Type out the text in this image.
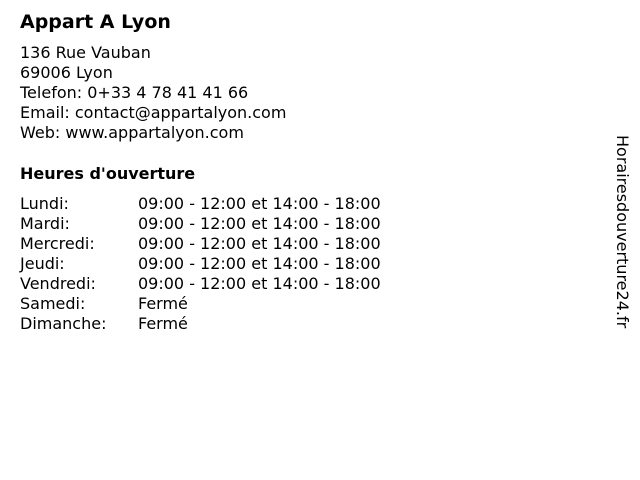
Appart A Lyon
136 Rue Vauban
69006 Lyon
Telefon: 0+33 4 78 41 41 66
Email: contact@appartalyon.com
Web: www.appartalyon.com
Heures d'ouverture
Lundi:	09:00 - 12:00 et 14:00 - 18:00
Mardi:	09:00 - 12:00 et 14:00 - 18:00
Mercredi:	09:00 - 12:00 et 14:00 - 18:00
Jeudi:	09:00 - 12:00 et 14:00 - 18:00
Vendredi:	09:00 - 12:00 et 14:00 - 18:00
Samedi:	Fermé
Dimanche:	Fermé	Horairesdouverture24.fr
